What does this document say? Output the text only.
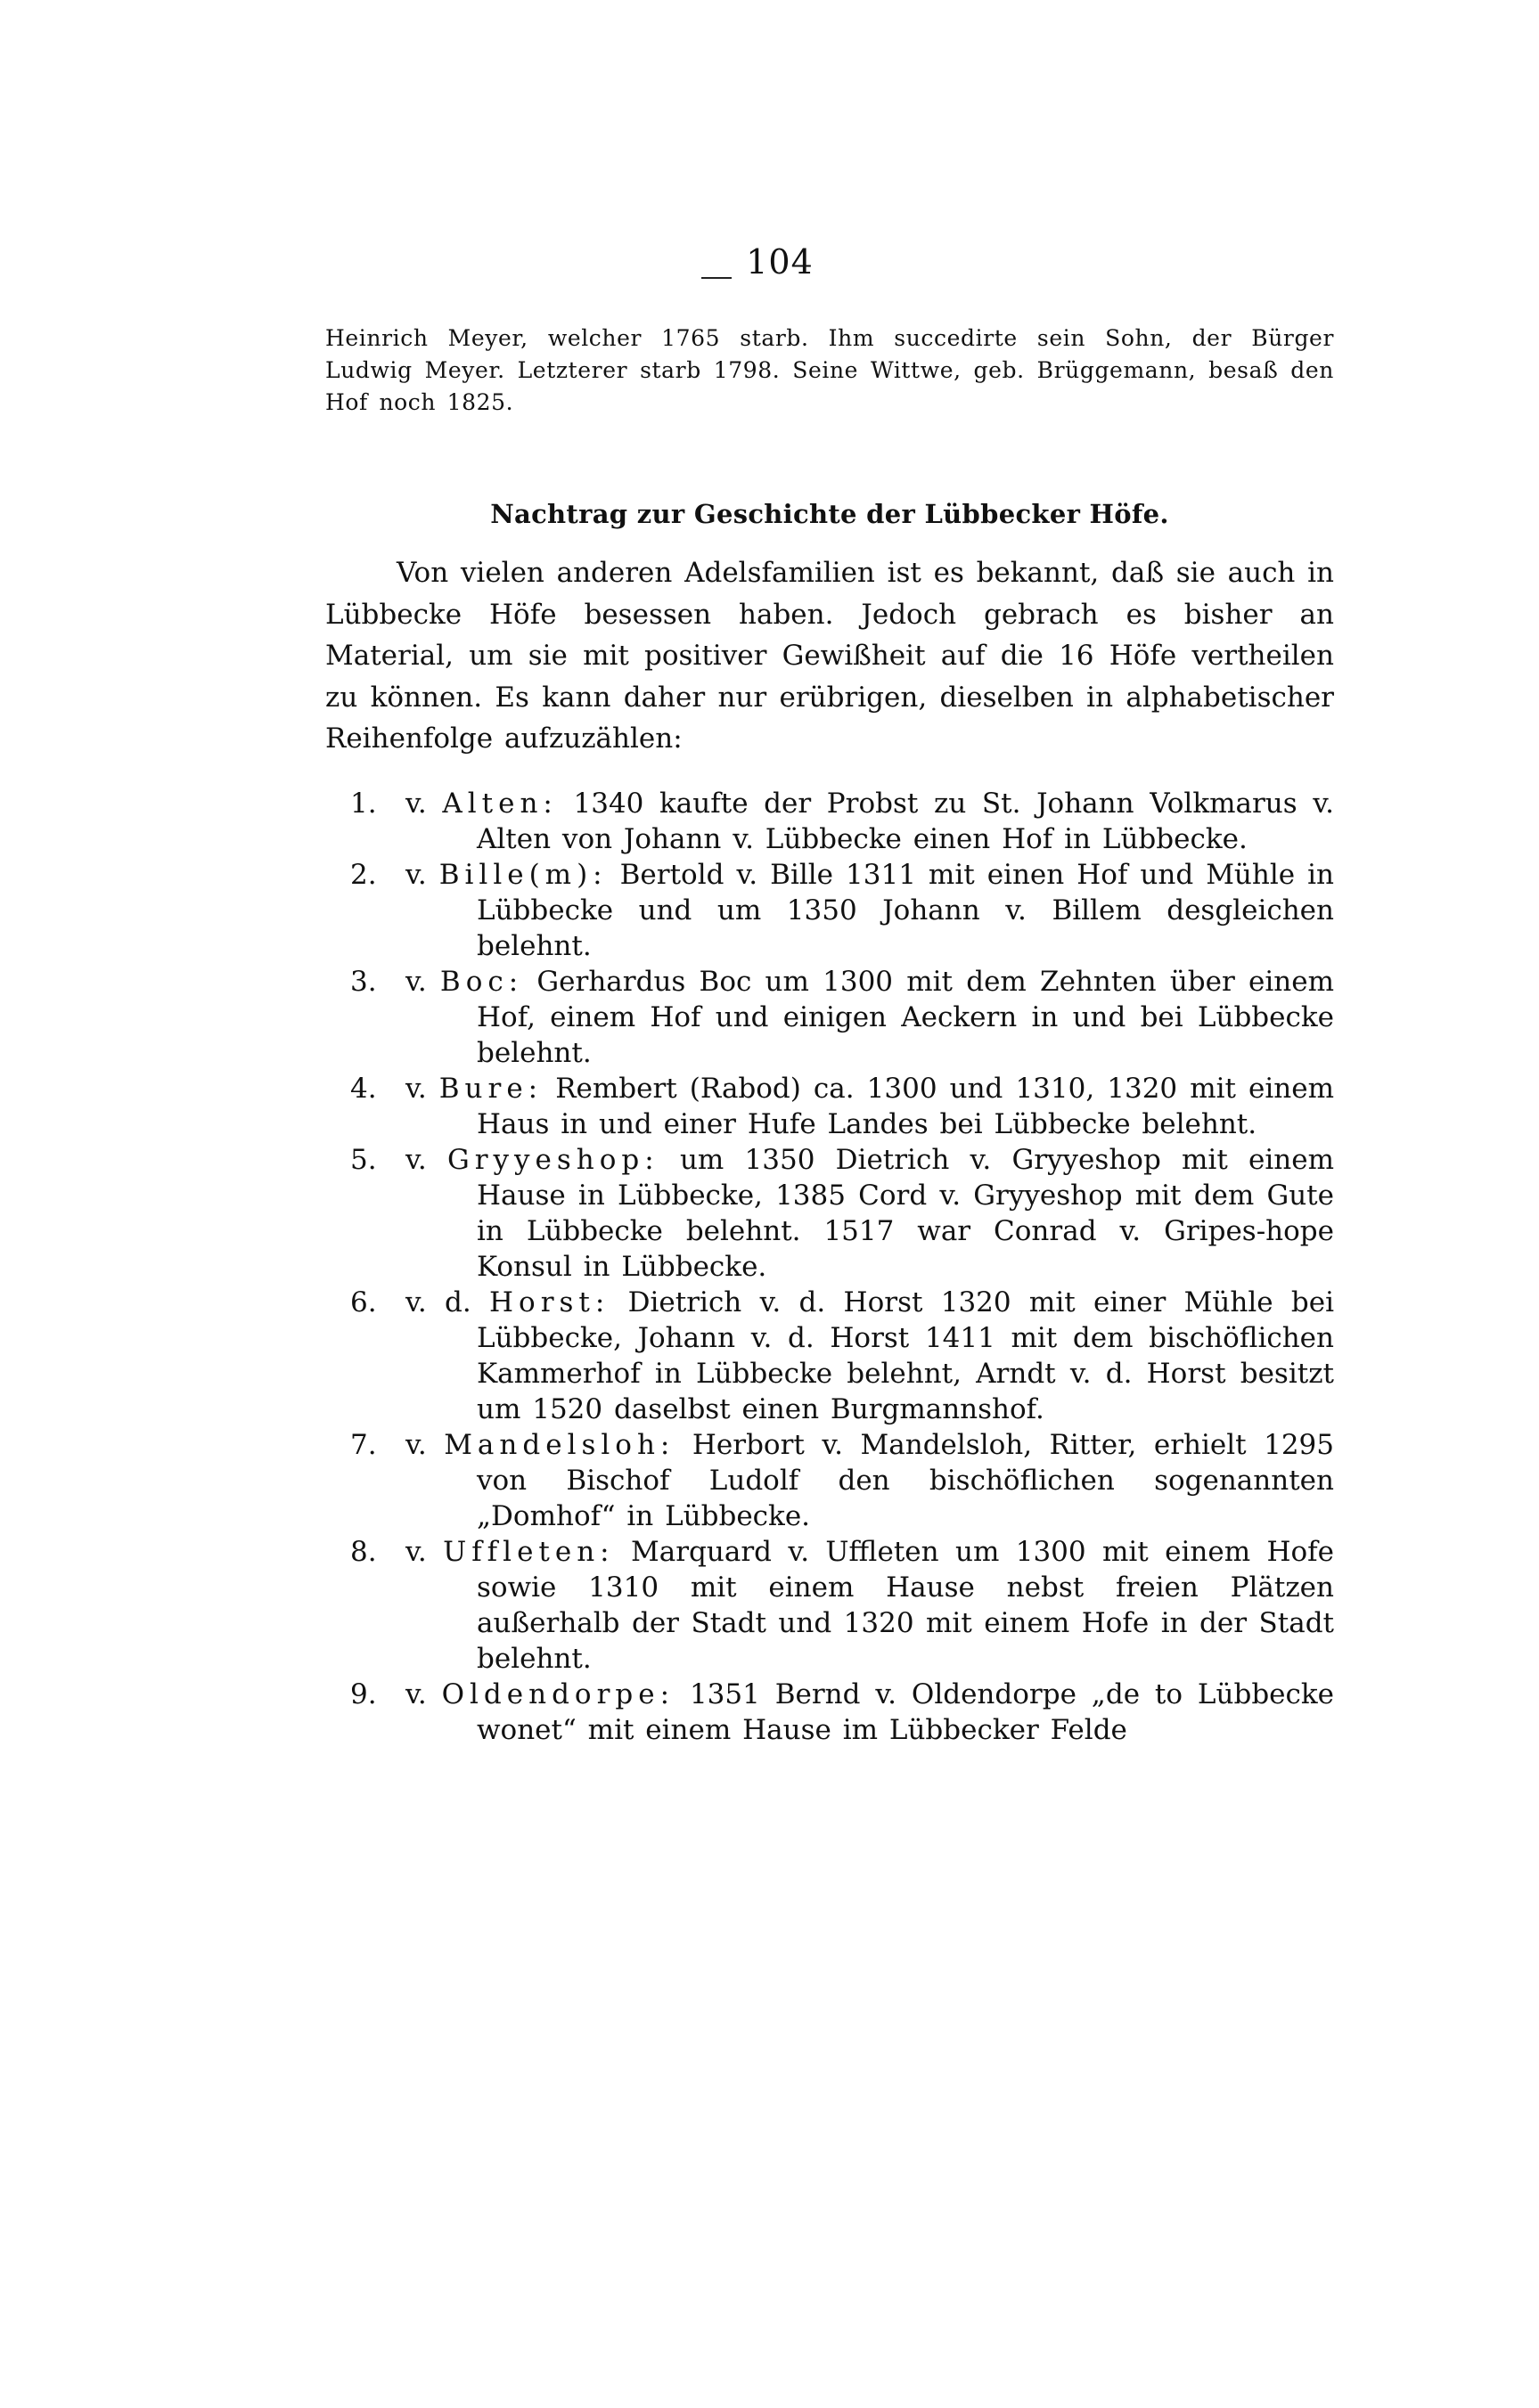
104

Heinrich Meyer, welcher 1765 starb. Ihm succedirte sein Sohn, der Bürger Ludwig Meyer. Letzterer starb 1798. Seine Wittwe, geb. Brüggemann, besaß den Hof noch 1825.

Nachtrag zur Geschichte der Lübbecker Höfe.

Von vielen anderen Adelsfamilien ist es bekannt, daß sie auch in Lübbecke Höfe besessen haben. Jedoch gebrach es bisher an Material, um sie mit positiver Gewißheit auf die 16 Höfe vertheilen zu können. Es kann daher nur erübrigen, dieselben in alphabetischer Reihenfolge aufzuzählen:

1.	v. Alten: 1340 kaufte der Probst zu St. Johann Volkmarus v. Alten von Johann v. Lübbecke einen Hof in Lübbecke.
2.	v. Bille(m): Bertold v. Bille 1311 mit einen Hof und Mühle in Lübbecke und um 1350 Johann v. Billem desgleichen belehnt.
3.	v. Boc: Gerhardus Boc um 1300 mit dem Zehnten über einem Hof, einem Hof und einigen Aeckern in und bei Lübbecke belehnt.
4.	v. Bure: Rembert (Rabod) ca. 1300 und 1310, 1320 mit einem Haus in und einer Hufe Landes bei Lübbecke belehnt.
5.	v. Gryyeshop: um 1350 Dietrich v. Gryyeshop mit einem Hause in Lübbecke, 1385 Cord v. Gryyeshop mit dem Gute in Lübbecke belehnt. 1517 war Conrad v. Gripes-hope Konsul in Lübbecke.
6.	v. d. Horst: Dietrich v. d. Horst 1320 mit einer Mühle bei Lübbecke, Johann v. d. Horst 1411 mit dem bischöflichen Kammerhof in Lübbecke belehnt, Arndt v. d. Horst besitzt um 1520 daselbst einen Burgmannshof.
7.	v. Mandelsloh: Herbort v. Mandelsloh, Ritter, erhielt 1295 von Bischof Ludolf den bischöflichen sogenannten „Domhof“ in Lübbecke.
8.	v. Uffleten: Marquard v. Uffleten um 1300 mit einem Hofe sowie 1310 mit einem Hause nebst freien Plätzen außerhalb der Stadt und 1320 mit einem Hofe in der Stadt belehnt.
9.	v. Oldendorpe: 1351 Bernd v. Oldendorpe „de to Lübbecke wonet“ mit einem Hause im Lübbecker Felde
